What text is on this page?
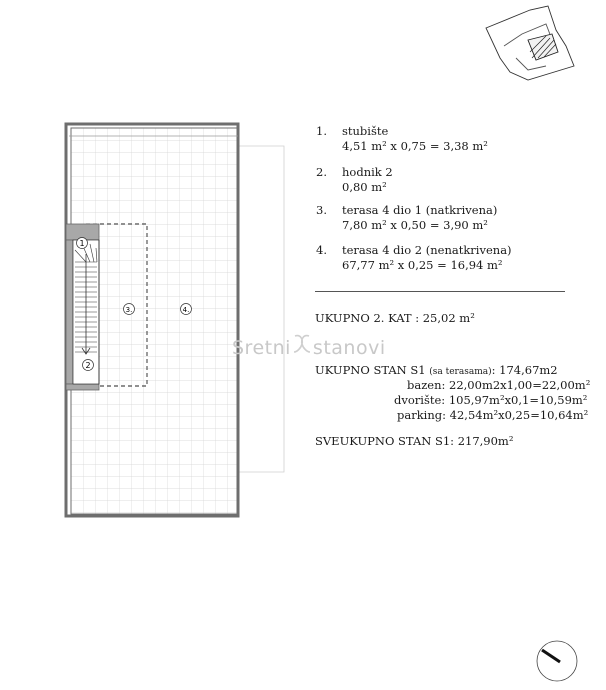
1
2
3.	4.
Sretni stanovi
1.	stubište
4,51 m² x 0,75 = 3,38 m²
2.	hodnik 2
0,80 m²
3.	terasa 4 dio 1 (natkrivena)
7,80 m² x 0,50 = 3,90 m²
4.	terasa 4 dio 2 (nenatkrivena)
67,77 m² x 0,25 = 16,94 m²
UKUPNO 2. KAT : 25,02 m²
UKUPNO STAN S1 (sa terasama): 174,67m2
bazen: 22,00m2x1,00=22,00m²
dvorište: 105,97m²x0,1=10,59m²
parking: 42,54m²x0,25=10,64m²
SVEUKUPNO STAN S1: 217,90m²
